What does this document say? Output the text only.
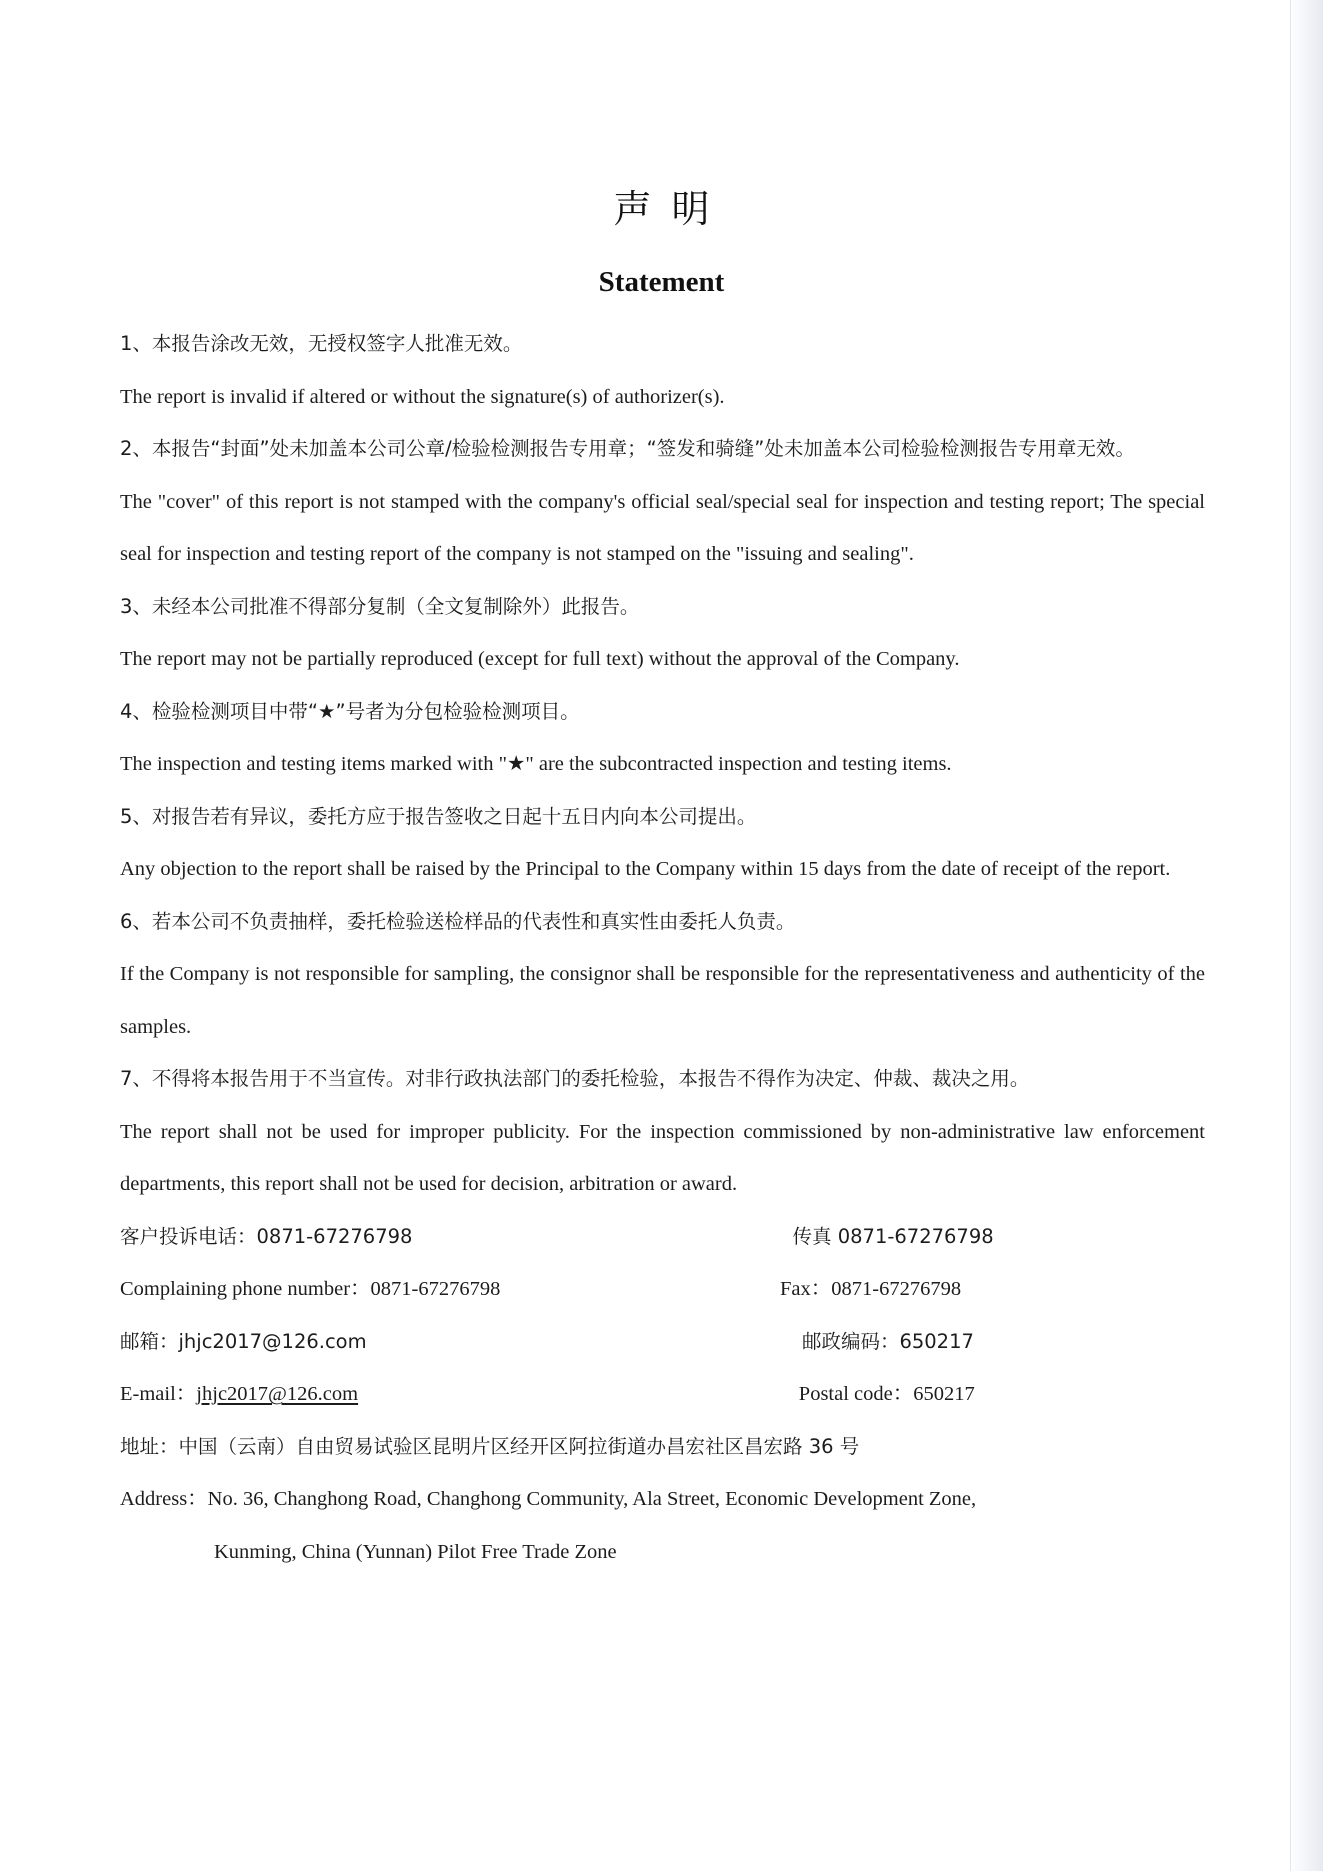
声明
Statement
1、本报告涂改无效，无授权签字人批准无效。
The report is invalid if altered or without the signature(s) of authorizer(s).
2、本报告“封面”处未加盖本公司公章/检验检测报告专用章；“签发和骑缝”处未加盖本公司检验检测报告专用章无效。
The "cover" of this report is not stamped with the company's official seal/special seal for inspection and testing report; The special seal for inspection and testing report of the company is not stamped on the "issuing and sealing".
3、未经本公司批准不得部分复制（全文复制除外）此报告。
The report may not be partially reproduced (except for full text) without the approval of the Company.
4、检验检测项目中带“★”号者为分包检验检测项目。
The inspection and testing items marked with "★" are the subcontracted inspection and testing items.
5、对报告若有异议，委托方应于报告签收之日起十五日内向本公司提出。
Any objection to the report shall be raised by the Principal to the Company within 15 days from the date of receipt of the report.
6、若本公司不负责抽样，委托检验送检样品的代表性和真实性由委托人负责。
If the Company is not responsible for sampling, the consignor shall be responsible for the representativeness and authenticity of the samples.
7、不得将本报告用于不当宣传。对非行政执法部门的委托检验，本报告不得作为决定、仲裁、裁决之用。
The report shall not be used for improper publicity. For the inspection commissioned by non-administrative law enforcement departments, this report shall not be used for decision, arbitration or award.
客户投诉电话：0871-67276798	传真 0871-67276798
Complaining phone number：0871-67276798	Fax：0871-67276798
邮箱：jhjc2017@126.com	邮政编码：650217
E-mail：jhjc2017@126.com	Postal code：650217
地址：中国（云南）自由贸易试验区昆明片区经开区阿拉街道办昌宏社区昌宏路 36 号
Address：No. 36, Changhong Road, Changhong Community, Ala Street, Economic Development Zone,
Kunming, China (Yunnan) Pilot Free Trade Zone
